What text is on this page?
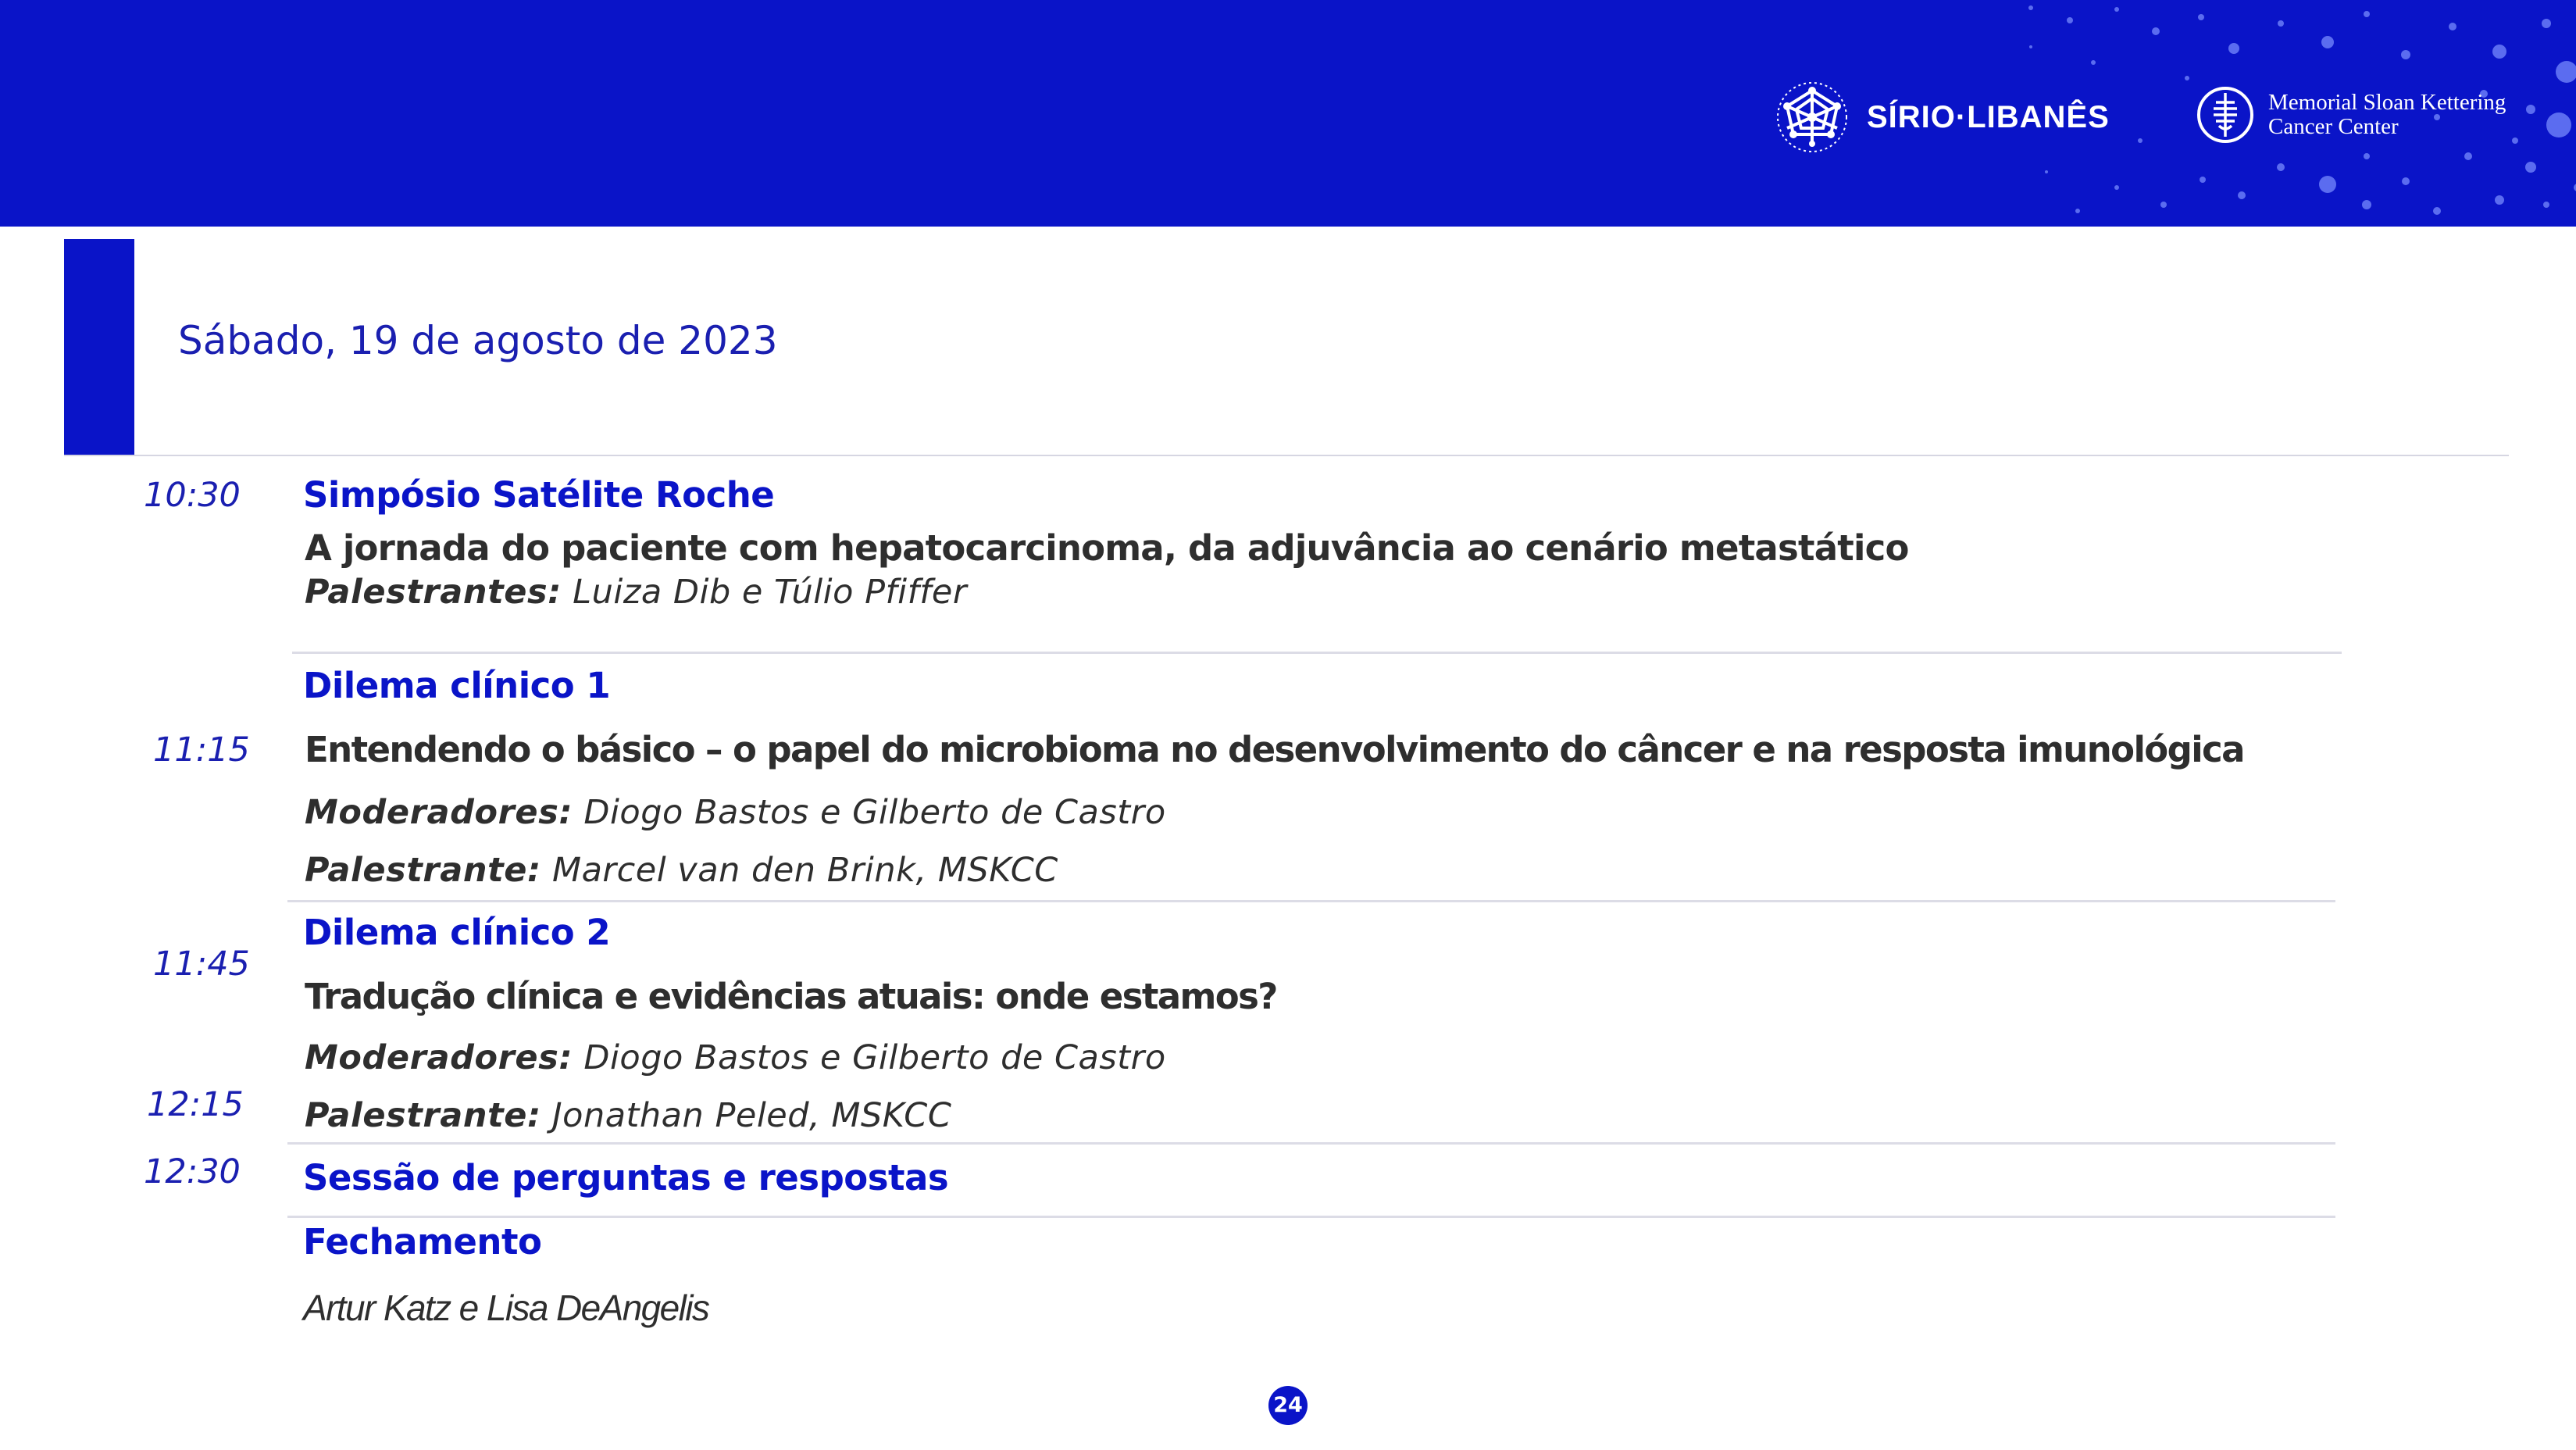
SÍRIO·LIBANÊS	Memorial Sloan Kettering
Cancer Center
Sábado, 19 de agosto de 2023
10:30 Simpósio Satélite Roche
A jornada do paciente com hepatocarcinoma, da adjuvância ao cenário metastático
Palestrantes: Luiza Dib e Túlio Pfiffer
Dilema clínico 1
11:15 Entendendo o básico – o papel do microbioma no desenvolvimento do câncer e na resposta imunológica
Moderadores: Diogo Bastos e Gilberto de Castro
Palestrante: Marcel van den Brink, MSKCC
Dilema clínico 2
11:45
Tradução clínica e evidências atuais: onde estamos?
Moderadores: Diogo Bastos e Gilberto de Castro
12:15 Palestrante: Jonathan Peled, MSKCC
12:30 Sessão de perguntas e respostas
Fechamento
Artur Katz e Lisa DeAngelis
24
